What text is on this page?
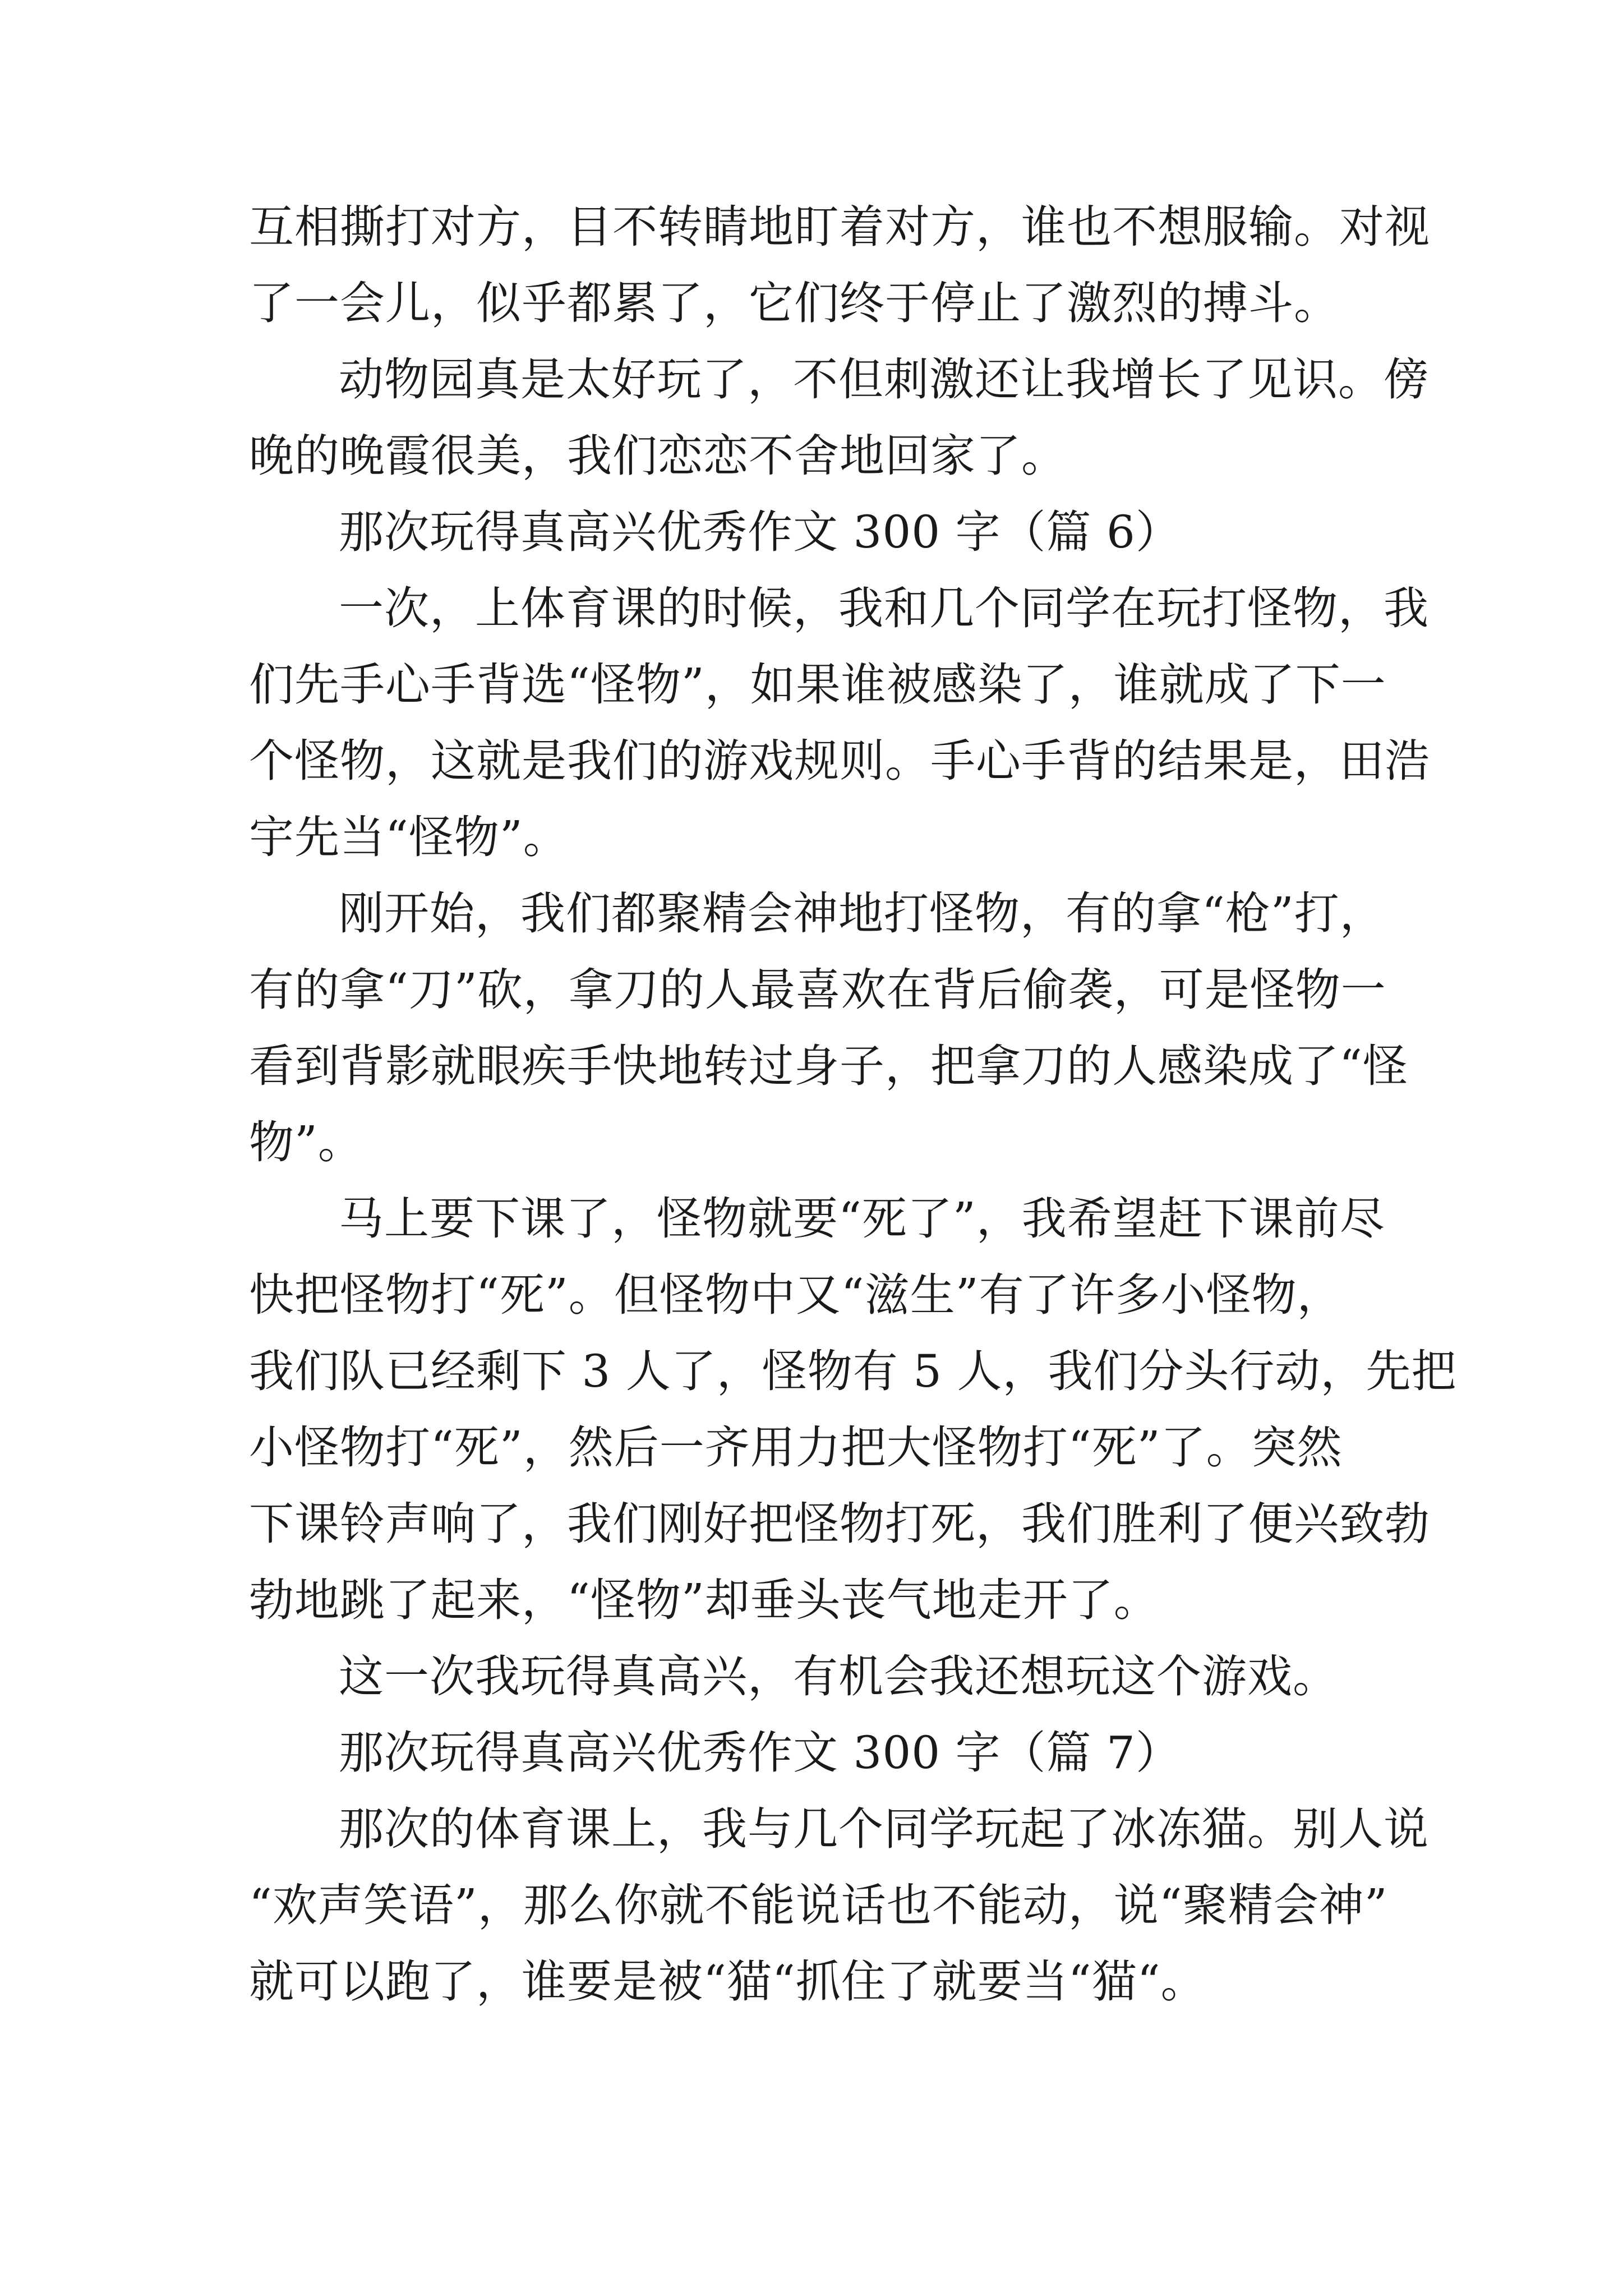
互相撕打对方，目不转睛地盯着对方，谁也不想服输。对视
了一会儿，似乎都累了，它们终于停止了激烈的搏斗。
动物园真是太好玩了，不但刺激还让我增长了见识。傍
晚的晚霞很美，我们恋恋不舍地回家了。
那次玩得真高兴优秀作文 300 字（篇 6）
一次，上体育课的时候，我和几个同学在玩打怪物，我
们先手心手背选“怪物”，如果谁被感染了，谁就成了下一
个怪物，这就是我们的游戏规则。手心手背的结果是，田浩
宇先当“怪物”。
刚开始，我们都聚精会神地打怪物，有的拿“枪”打，
有的拿“刀”砍，拿刀的人最喜欢在背后偷袭，可是怪物一
看到背影就眼疾手快地转过身子，把拿刀的人感染成了“怪
物”。
马上要下课了，怪物就要“死了”，我希望赶下课前尽
快把怪物打“死”。但怪物中又“滋生”有了许多小怪物，
我们队已经剩下 3 人了，怪物有 5 人，我们分头行动，先把
小怪物打“死”，然后一齐用力把大怪物打“死”了。突然
下课铃声响了，我们刚好把怪物打死，我们胜利了便兴致勃
勃地跳了起来，“怪物”却垂头丧气地走开了。
这一次我玩得真高兴，有机会我还想玩这个游戏。
那次玩得真高兴优秀作文 300 字（篇 7）
那次的体育课上，我与几个同学玩起了冰冻猫。别人说
“欢声笑语”，那么你就不能说话也不能动，说“聚精会神”
就可以跑了，谁要是被“猫“抓住了就要当“猫“。
